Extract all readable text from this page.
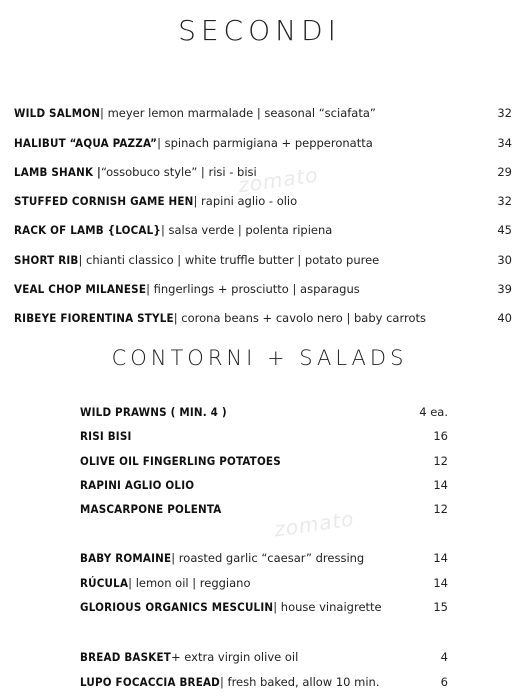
SECONDI
WILD SALMON | meyer lemon marmalade | seasonal “sciafata”	32
HALIBUT “AQUA PAZZA” | spinach parmigiana + pepperonatta	34
LAMB SHANK | “ossobuco style” | risi - bisi	29
STUFFED CORNISH GAME HEN | rapini aglio - olio	32
RACK OF LAMB {LOCAL} | salsa verde | polenta ripiena	45
SHORT RIB | chianti classico | white truffle butter | potato puree	30
VEAL CHOP MILANESE | fingerlings + prosciutto | asparagus	39
RIBEYE FIORENTINA STYLE | corona beans + cavolo nero | baby carrots	40
CONTORNI + SALADS
WILD PRAWNS ( MIN. 4 )	4 ea.
RISI BISI	16
OLIVE OIL FINGERLING POTATOES	12
RAPINI AGLIO OLIO	14
MASCARPONE POLENTA	12
BABY ROMAINE | roasted garlic “caesar” dressing	14
RÚCULA | lemon oil | reggiano	14
GLORIOUS ORGANICS MESCULIN | house vinaigrette	15
BREAD BASKET + extra virgin olive oil	4
LUPO FOCACCIA BREAD | fresh baked, allow 10 min.	6
zomato
zomato
